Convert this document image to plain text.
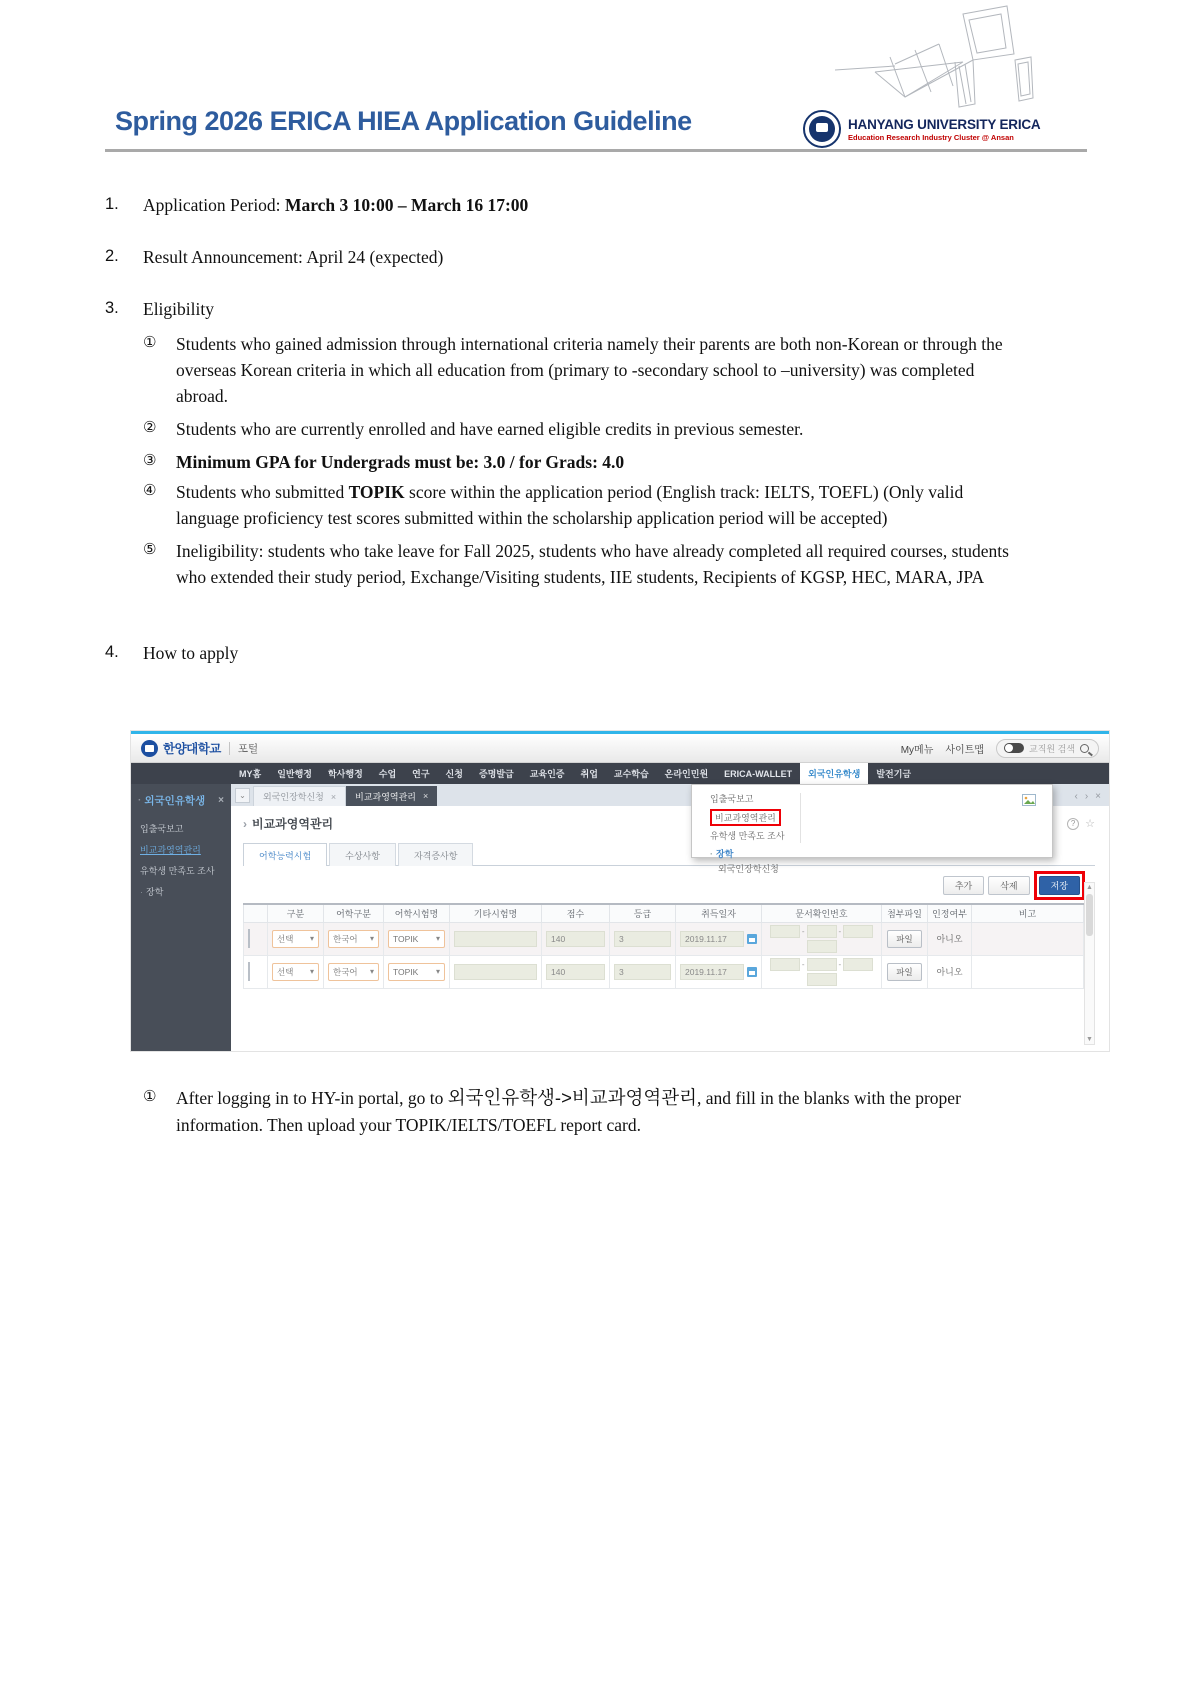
Spring 2026 ERICA HIEA Application Guideline	HANYANG UNIVERSITY ERICA
Education Research Industry Cluster @ Ansan
1.	Application Period: March 3 10:00 – March 16 17:00
2.	Result Announcement: April 24 (expected)
3.	Eligibility
①	Students who gained admission through international criteria namely their parents are both non-Korean or through the overseas Korean criteria in which all education from (primary to -secondary school to –university) was completed abroad.
②	Students who are currently enrolled and have earned eligible credits in previous semester.
③	Minimum GPA for Undergrads must be: 3.0 / for Grads: 4.0
④	Students who submitted TOPIK score within the application period (English track: IELTS, TOEFL) (Only valid language proficiency test scores submitted within the scholarship application period will be accepted)
⑤	Ineligibility: students who take leave for Fall 2025, students who have already completed all required courses, students who extended their study period, Exchange/Visiting students, IIE students, Recipients of KGSP, HEC, MARA, JPA
4.	How to apply
한양대학교 포털	My메뉴 사이트맵	교직원 검색
MY홈	일반행정	학사행정	수업	연구	신청	증명발급	교육인증	취업	교수학습	온라인민원	ERICA-WALLET	외국인유학생	발전기금
· 외국인유학생 ×
입출국보고
비교과영역관리
유학생 만족도 조사
· 장학
⌄ 외국인장학신청 × 비교과영역관리 ×	‹ › ×
› 비교과영역관리	? ☆
어학능력시험	수상사항	자격증사항
추가	삭제	저장
	구분	어학구분	어학시험명	기타시험명	점수	등급	취득일자	문서확인번호	첨부파일	인정여부	비고

	선택 ▾	한국어 ▾	TOPIK ▾		140	3	2019.11.17	- -	파일	아니오	

	선택 ▾	한국어 ▾	TOPIK ▾		140	3	2019.11.17	- -	파일	아니오	

▲
▼
입출국보고
비교과영역관리
유학생 만족도 조사
· 장학
외국인장학신청
①	After logging in to HY-in portal, go to 외국인유학생->비교과영역관리, and fill in the blanks with the proper information. Then upload your TOPIK/IELTS/TOEFL report card.
